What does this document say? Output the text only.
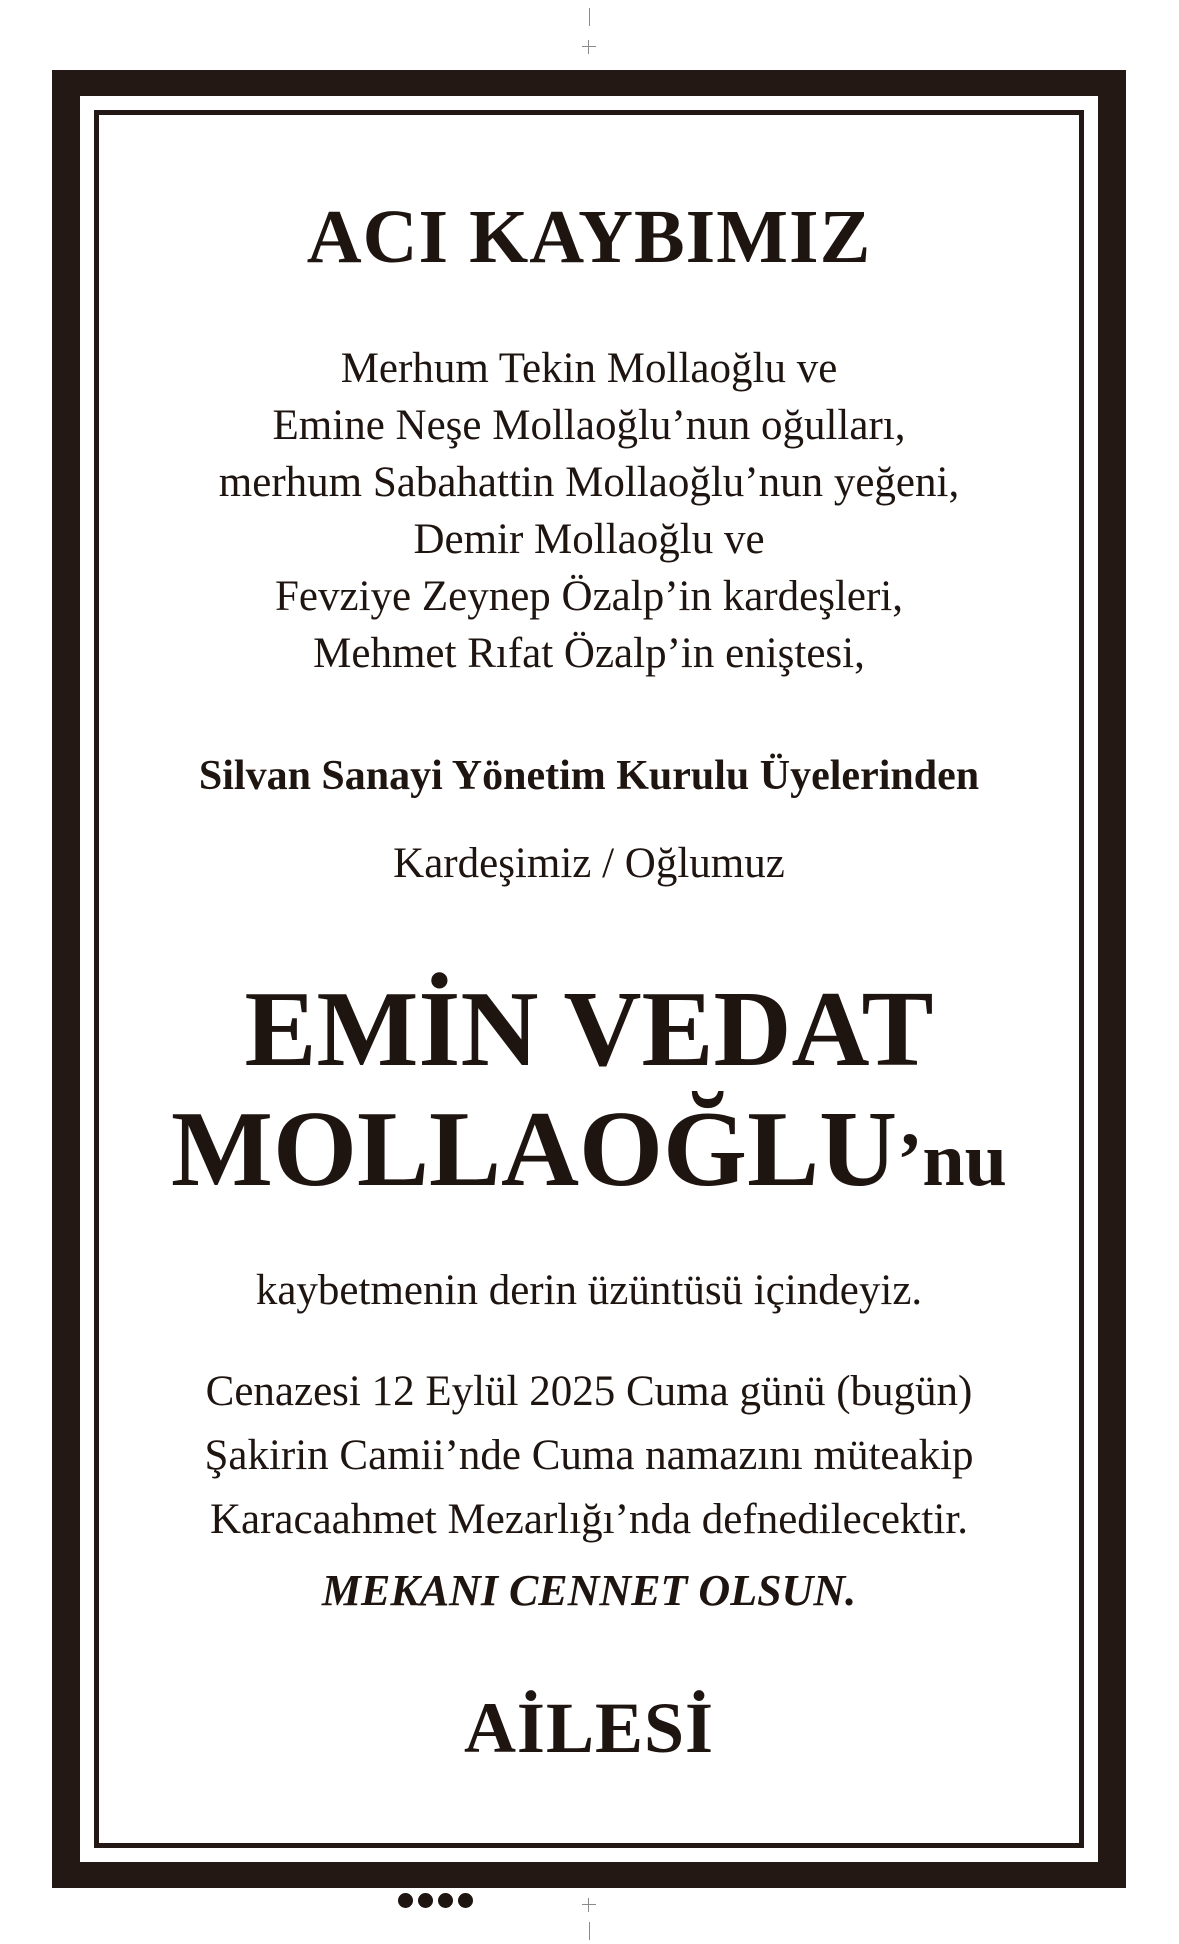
ACI KAYBIMIZ
Merhum Tekin Mollaoğlu ve
Emine Neşe Mollaoğlu’nun oğulları,
merhum Sabahattin Mollaoğlu’nun yeğeni,
Demir Mollaoğlu ve
Fevziye Zeynep Özalp’in kardeşleri,
Mehmet Rıfat Özalp’in eniştesi,
Silvan Sanayi Yönetim Kurulu Üyelerinden
Kardeşimiz / Oğlumuz
EMİN VEDAT
MOLLAOĞLU’nu
kaybetmenin derin üzüntüsü içindeyiz.
Cenazesi 12 Eylül 2025 Cuma günü (bugün)
Şakirin Camii’nde Cuma namazını müteakip
Karacaahmet Mezarlığı’nda defnedilecektir.
MEKANI CENNET OLSUN.
AİLESİ
